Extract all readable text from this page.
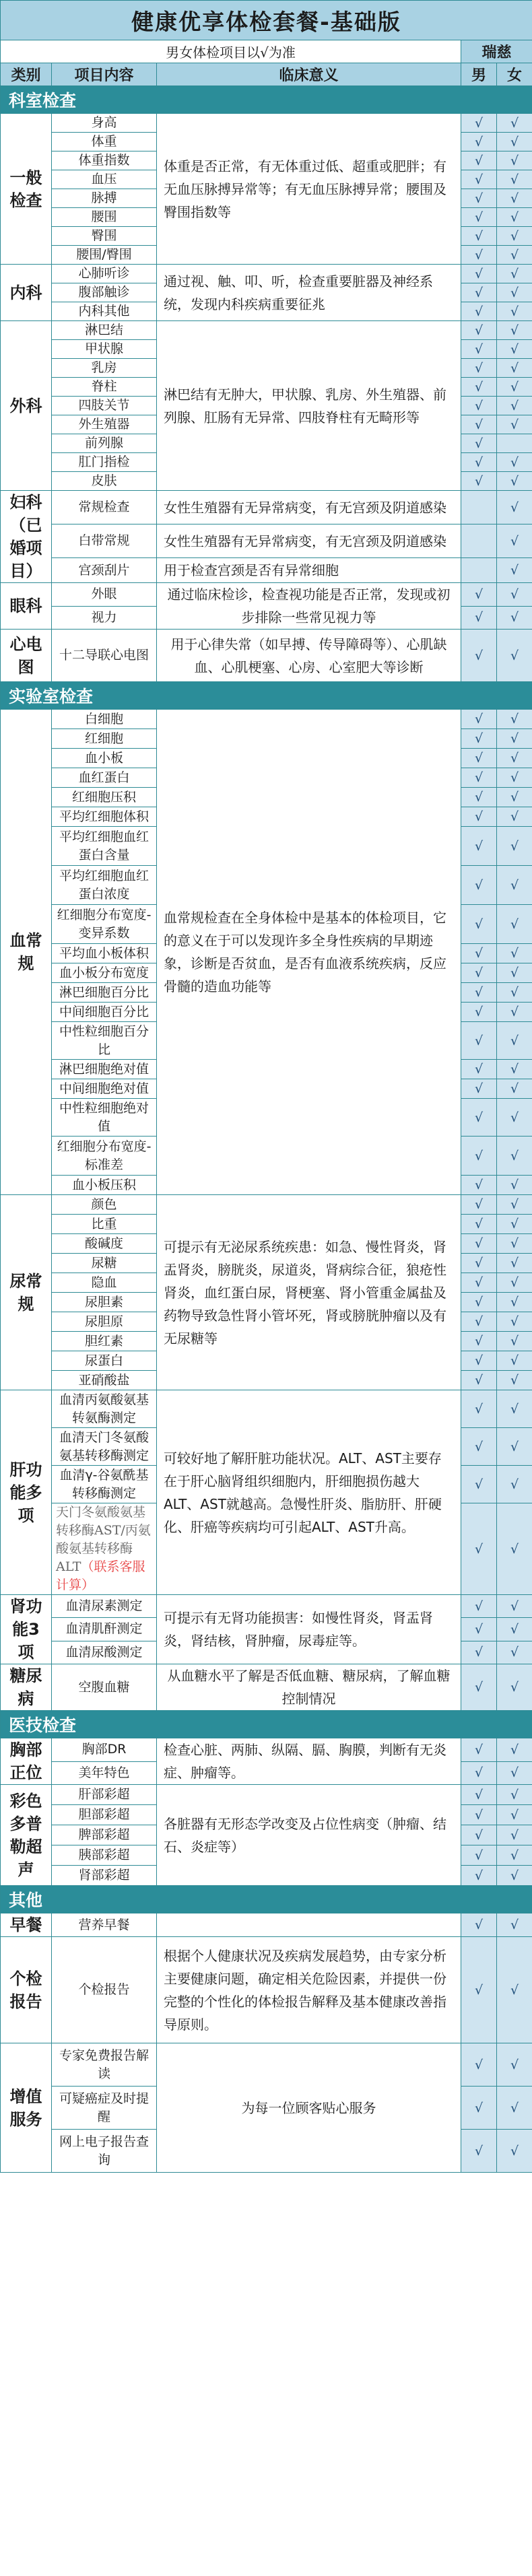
健康优享体检套餐-基础版				
男女体检项目以√为准			瑞慈	
类别	项目内容	临床意义	男	女
科室检查				
一般检查	身高	体重是否正常，有无体重过低、超重或肥胖；有无血压脉搏异常等；有无血压脉搏异常；腰围及臀围指数等	√	√
	体重		√	√
	体重指数		√	√
	血压		√	√
	脉搏		√	√
	腰围		√	√
	臀围		√	√
	腰围/臀围		√	√
内科	心肺听诊	通过视、触、叩、听，检查重要脏器及神经系统，发现内科疾病重要征兆	√	√
	腹部触诊		√	√
	内科其他		√	√
外科	淋巴结	淋巴结有无肿大，甲状腺、乳房、外生殖器、前列腺、肛肠有无异常、四肢脊柱有无畸形等	√	√
	甲状腺		√	√
	乳房		√	√
	脊柱		√	√
	四肢关节		√	√
	外生殖器		√	√
	前列腺		√	
	肛门指检		√	√
	皮肤		√	√
妇科（已婚项目）	常规检查	女性生殖器有无异常病变，有无宫颈及阴道感染		√
	白带常规	女性生殖器有无异常病变，有无宫颈及阴道感染		√
	宫颈刮片	用于检查宫颈是否有异常细胞		√
眼科	外眼	通过临床检诊，检查视功能是否正常，发现或初步排除一些常见视力等	√	√
	视力		√	√
心电图	十二导联心电图	用于心律失常（如早搏、传导障碍等）、心肌缺血、心肌梗塞、心房、心室肥大等诊断	√	√
实验室检查				
血常规	白细胞	血常规检查在全身体检中是基本的体检项目，它的意义在于可以发现许多全身性疾病的早期迹象，诊断是否贫血，是否有血液系统疾病，反应骨髓的造血功能等	√	√
	红细胞		√	√
	血小板		√	√
	血红蛋白		√	√
	红细胞压积		√	√
	平均红细胞体积		√	√
	平均红细胞血红蛋白含量		√	√
	平均红细胞血红蛋白浓度		√	√
	红细胞分布宽度-变异系数		√	√
	平均血小板体积		√	√
	血小板分布宽度		√	√
	淋巴细胞百分比		√	√
	中间细胞百分比		√	√
	中性粒细胞百分比		√	√
	淋巴细胞绝对值		√	√
	中间细胞绝对值		√	√
	中性粒细胞绝对值		√	√
	红细胞分布宽度-标准差		√	√
	血小板压积		√	√
尿常规	颜色	可提示有无泌尿系统疾患：如急、慢性肾炎，肾盂肾炎，膀胱炎，尿道炎，肾病综合征，狼疮性肾炎，血红蛋白尿，肾梗塞、肾小管重金属盐及药物导致急性肾小管坏死，肾或膀胱肿瘤以及有无尿糖等	√	√
	比重		√	√
	酸碱度		√	√
	尿糖		√	√
	隐血		√	√
	尿胆素		√	√
	尿胆原		√	√
	胆红素		√	√
	尿蛋白		√	√
	亚硝酸盐		√	√
肝功能多项	血清丙氨酸氨基转氨酶测定	可较好地了解肝脏功能状况。ALT、AST主要存在于肝心脑肾组织细胞内，肝细胞损伤越大ALT、AST就越高。急慢性肝炎、脂肪肝、肝硬化、肝癌等疾病均可引起ALT、AST升高。	√	√
	血清天门冬氨酸氨基转移酶测定		√	√
	血清γ-谷氨酰基转移酶测定		√	√
	天门冬氨酸氨基转移酶AST/丙氨酸氨基转移酶ALT（联系客服计算）		√	√
肾功能3项	血清尿素测定	可提示有无肾功能损害：如慢性肾炎，肾盂肾炎，肾结核，肾肿瘤，尿毒症等。	√	√
	血清肌酐测定		√	√
	血清尿酸测定		√	√
糖尿病	空腹血糖	从血糖水平了解是否低血糖、糖尿病，了解血糖控制情况	√	√
医技检查				
胸部正位	胸部DR	检查心脏、两肺、纵隔、膈、胸膜，判断有无炎症、肿瘤等。	√	√
	美年特色		√	√
彩色多普勒超声	肝部彩超	各脏器有无形态学改变及占位性病变（肿瘤、结石、炎症等）	√	√
	胆部彩超		√	√
	脾部彩超		√	√
	胰部彩超		√	√
	肾部彩超		√	√
其他				
早餐	营养早餐		√	√
个检报告	个检报告	根据个人健康状况及疾病发展趋势，由专家分析主要健康问题，确定相关危险因素，并提供一份完整的个性化的体检报告解释及基本健康改善指导原则。	√	√
增值服务	专家免费报告解读	为每一位顾客贴心服务	√	√
	可疑癌症及时提醒		√	√
	网上电子报告查询		√	√
